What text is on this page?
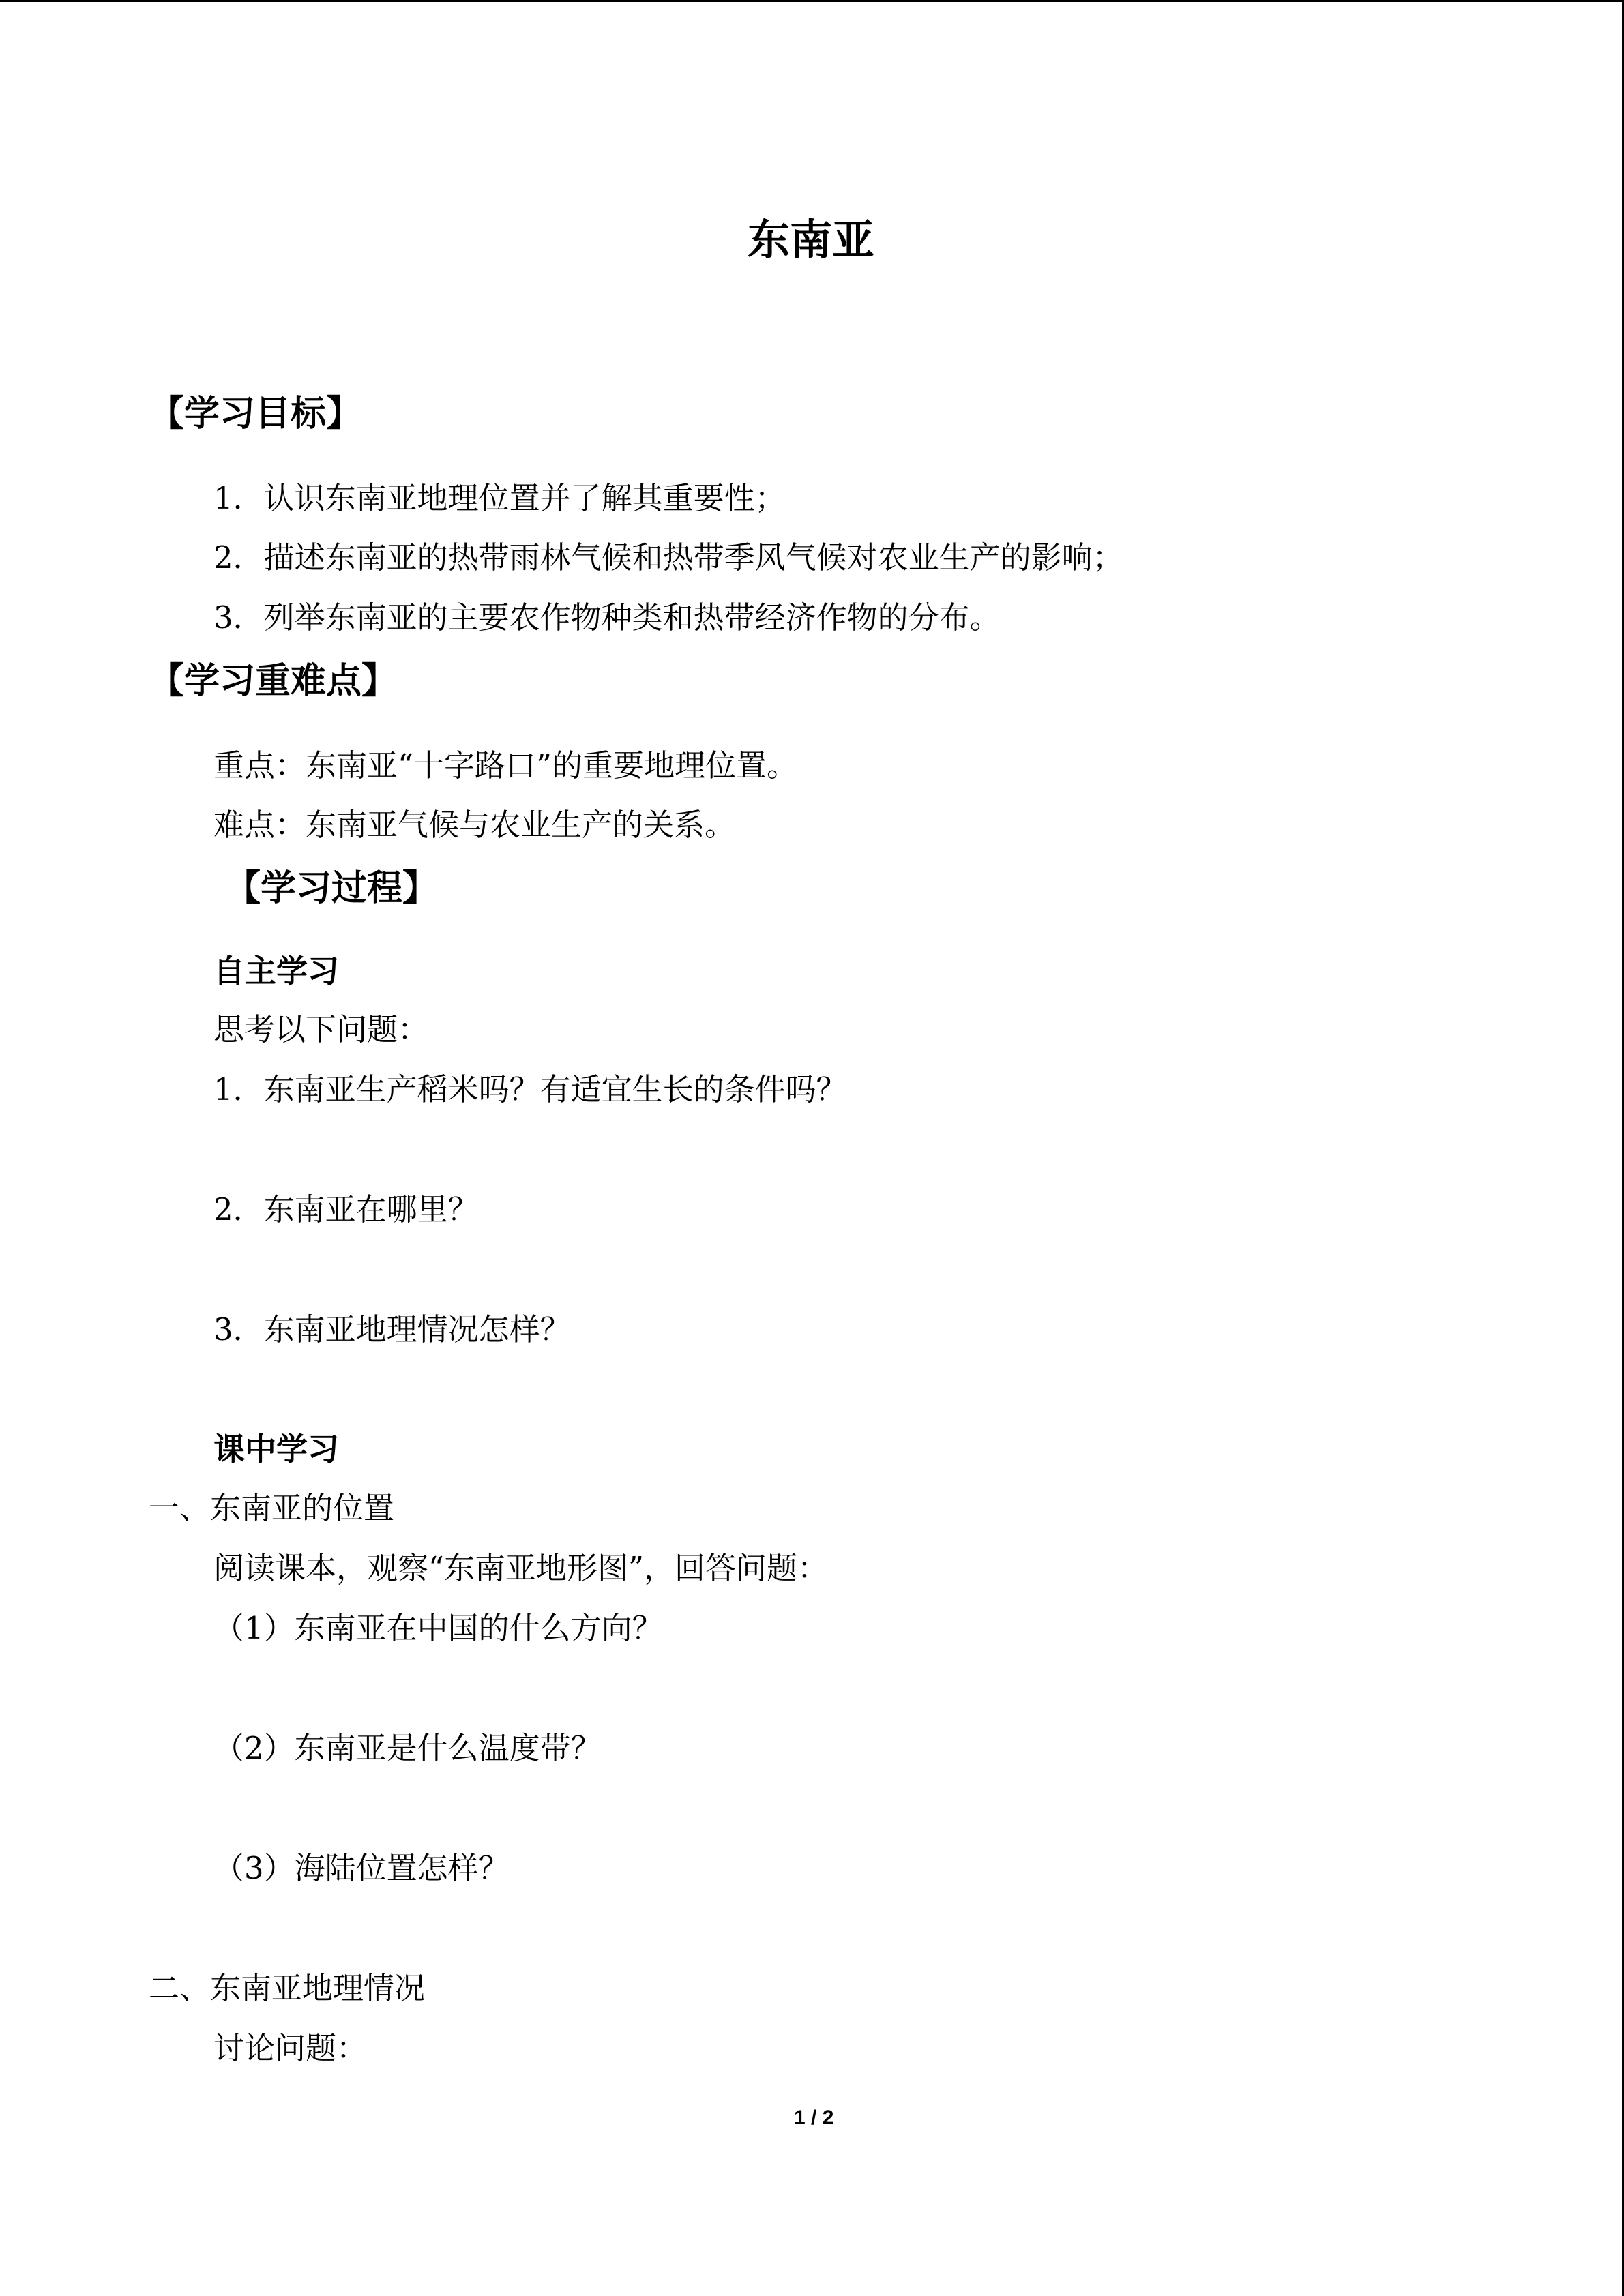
东南亚
【学习目标】
1．认识东南亚地理位置并了解其重要性；
2．描述东南亚的热带雨林气候和热带季风气候对农业生产的影响；
3．列举东南亚的主要农作物种类和热带经济作物的分布。
【学习重难点】
重点：东南亚“十字路口”的重要地理位置。
难点：东南亚气候与农业生产的关系。
【学习过程】
自主学习
思考以下问题：
1．东南亚生产稻米吗？有适宜生长的条件吗？
2．东南亚在哪里？
3．东南亚地理情况怎样？
课中学习
一、东南亚的位置
阅读课本，观察“东南亚地形图”，回答问题：
（1）东南亚在中国的什么方向？
（2）东南亚是什么温度带？
（3）海陆位置怎样？
二、东南亚地理情况
讨论问题：
1 / 2
